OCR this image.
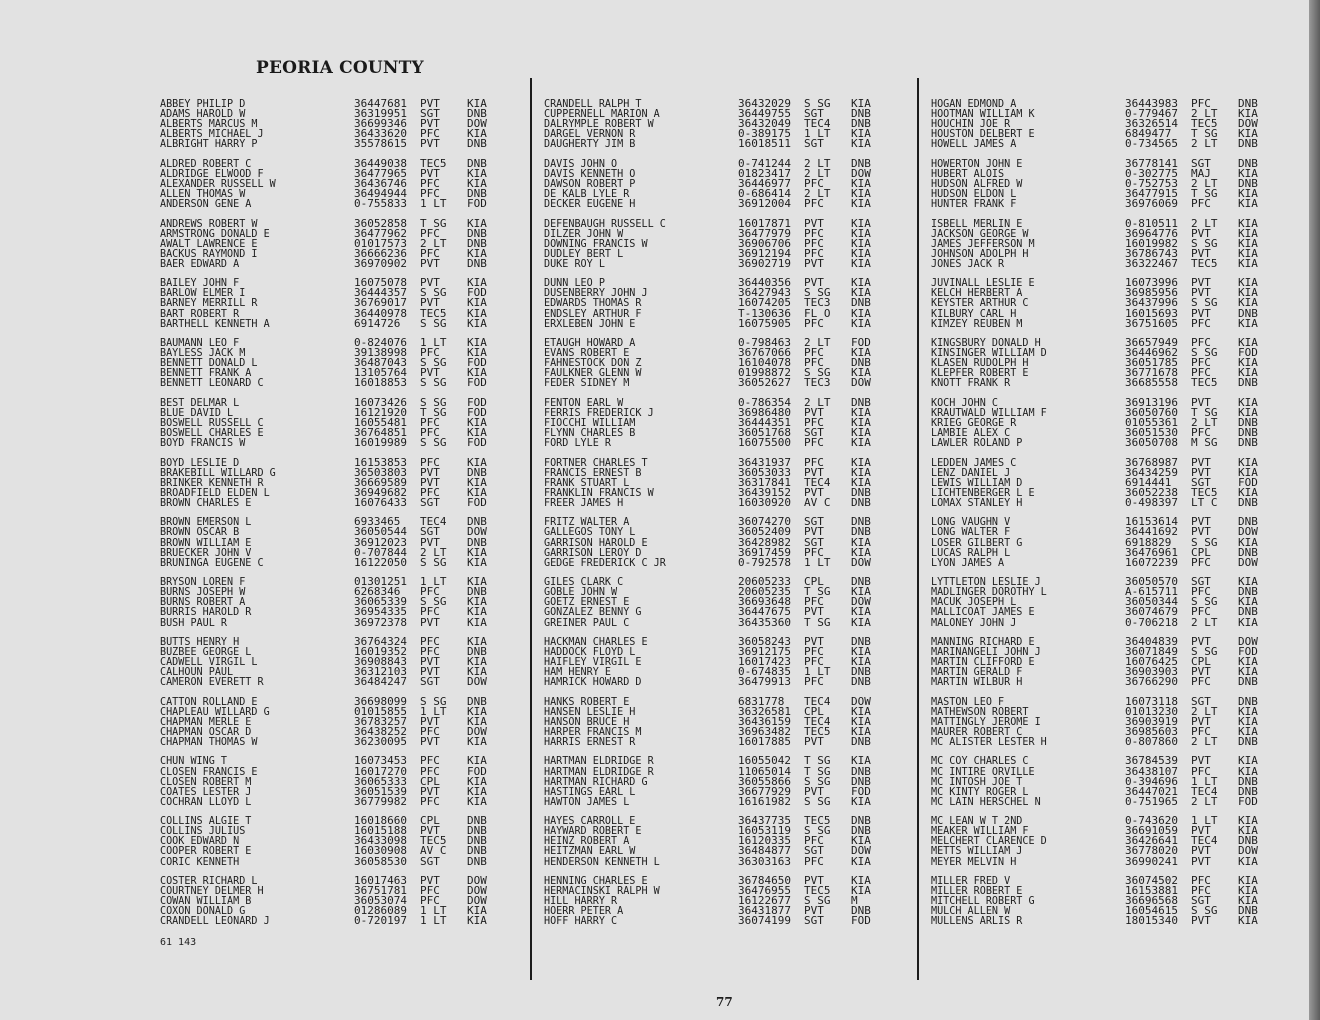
PEORIA COUNTY

ABBEY PHILIP D	36447681	PVT	KIA
ADAMS HAROLD W	36319951	SGT	DNB
ALBERTS MARCUS M	36699346	PVT	DOW
ALBERTS MICHAEL J	36433620	PFC	KIA
ALBRIGHT HARRY P	35578615	PVT	DNB
ALDRED ROBERT C	36449038	TEC5	DNB
ALDRIDGE ELWOOD F	36477965	PVT	KIA
ALEXANDER RUSSELL W	36436746	PFC	KIA
ALLEN THOMAS W	36494944	PFC	DNB
ANDERSON GENE A	0-755833	1 LT	FOD
ANDREWS ROBERT W	36052858	T SG	KIA
ARMSTRONG DONALD E	36477962	PFC	DNB
AWALT LAWRENCE E	01017573	2 LT	DNB
BACKUS RAYMOND I	36666236	PFC	KIA
BAER EDWARD A	36970902	PVT	DNB
BAILEY JOHN F	16075078	PVT	KIA
BARLOW ELMER I	36444357	S SG	FOD
BARNEY MERRILL R	36769017	PVT	KIA
BART ROBERT R	36440978	TEC5	KIA
BARTHELL KENNETH A	6914726	S SG	KIA
BAUMANN LEO F	0-824076	1 LT	KIA
BAYLESS JACK M	39138998	PFC	KIA
BENNETT DONALD L	36487043	S SG	FOD
BENNETT FRANK A	13105764	PVT	KIA
BENNETT LEONARD C	16018853	S SG	FOD
BEST DELMAR L	16073426	S SG	FOD
BLUE DAVID L	16121920	T SG	FOD
BOSWELL RUSSELL C	16055481	PFC	KIA
BOSWELL CHARLES E	36764851	PFC	KIA
BOYD FRANCIS W	16019989	S SG	FOD
BOYD LESLIE D	16153853	PFC	KIA
BRAKEBILL WILLARD G	36503803	PVT	DNB
BRINKER KENNETH R	36669589	PVT	KIA
BROADFIELD ELDEN L	36949682	PFC	KIA
BROWN CHARLES E	16076433	SGT	FOD
BROWN EMERSON L	6933465	TEC4	DNB
BROWN OSCAR B	36050544	SGT	DOW
BROWN WILLIAM E	36912023	PVT	DNB
BRUECKER JOHN V	0-707844	2 LT	KIA
BRUNINGA EUGENE C	16122050	S SG	KIA
BRYSON LOREN F	01301251	1 LT	KIA
BURNS JOSEPH W	6268346	PFC	DNB
BURNS ROBERT A	36065339	S SG	KIA
BURRIS HAROLD R	36954335	PFC	KIA
BUSH PAUL R	36972378	PVT	KIA
BUTTS HENRY H	36764324	PFC	KIA
BUZBEE GEORGE L	16019352	PFC	DNB
CADWELL VIRGIL L	36908843	PVT	KIA
CALHOUN PAUL	36312103	PVT	KIA
CAMERON EVERETT R	36484247	SGT	DOW
CATTON ROLLAND E	36698099	S SG	DNB
CHAPLEAU WILLARD G	01015855	1 LT	KIA
CHAPMAN MERLE E	36783257	PVT	KIA
CHAPMAN OSCAR D	36438252	PFC	DOW
CHAPMAN THOMAS W	36230095	PVT	KIA
CHUN WING T	16073453	PFC	KIA
CLOSEN FRANCIS E	16017270	PFC	FOD
CLOSEN ROBERT M	36065333	CPL	KIA
COATES LESTER J	36051539	PVT	KIA
COCHRAN LLOYD L	36779982	PFC	KIA
COLLINS ALGIE T	16018660	CPL	DNB
COLLINS JULIUS	16015188	PVT	DNB
COOK EDWARD N	36433098	TEC5	DNB
COOPER ROBERT E	16030908	AV C	DNB
CORIC KENNETH	36058530	SGT	DNB
COSTER RICHARD L	16017463	PVT	DOW
COURTNEY DELMER H	36751781	PFC	DOW
COWAN WILLIAM B	36053074	PFC	DOW
COXON DONALD G	01286089	1 LT	KIA
CRANDELL LEONARD J	0-720197	1 LT	KIA
CRANDELL RALPH T	36432029	S SG	KIA
CUPPERNELL MARION A	36449755	SGT	DNB
DALRYMPLE ROBERT W	36432049	TEC4	DNB
DARGEL VERNON R	0-389175	1 LT	KIA
DAUGHERTY JIM B	16018511	SGT	KIA
DAVIS JOHN O	0-741244	2 LT	DNB
DAVIS KENNETH O	01823417	2 LT	DOW
DAWSON ROBERT P	36446977	PFC	KIA
DE KALB LYLE R	0-686414	2 LT	KIA
DECKER EUGENE H	36912004	PFC	KIA
DEFENBAUGH RUSSELL C	16017871	PVT	KIA
DILZER JOHN W	36477979	PFC	KIA
DOWNING FRANCIS W	36906706	PFC	KIA
DUDLEY BERT L	36912194	PFC	KIA
DUKE ROY L	36902719	PVT	KIA
DUNN LEO P	36440356	PVT	KIA
DUSENBERRY JOHN J	36427943	S SG	KIA
EDWARDS THOMAS R	16074205	TEC3	DNB
ENDSLEY ARTHUR F	T-130636	FL O	KIA
ERXLEBEN JOHN E	16075905	PFC	KIA
ETAUGH HOWARD A	0-798463	2 LT	FOD
EVANS ROBERT E	36767066	PFC	KIA
FAHNESTOCK DON Z	16104078	PFC	DNB
FAULKNER GLENN W	01998872	S SG	KIA
FEDER SIDNEY M	36052627	TEC3	DOW
FENTON EARL W	0-786354	2 LT	DNB
FERRIS FREDERICK J	36986480	PVT	KIA
FIOCCHI WILLIAM	36444351	PFC	KIA
FLYNN CHARLES B	36051768	SGT	KIA
FORD LYLE R	16075500	PFC	KIA
FORTNER CHARLES T	36431937	PFC	KIA
FRANCIS ERNEST B	36053033	PVT	KIA
FRANK STUART L	36317841	TEC4	KIA
FRANKLIN FRANCIS W	36439152	PVT	DNB
FREER JAMES H	16030920	AV C	DNB
FRITZ WALTER A	36074270	SGT	DNB
GALLEGOS TONY L	36052409	PVT	DNB
GARRISON HAROLD E	36428982	SGT	KIA
GARRISON LEROY D	36917459	PFC	KIA
GEDGE FREDERICK C JR	0-792578	1 LT	DOW
GILES CLARK C	20605233	CPL	DNB
GOBLE JOHN W	20605235	T SG	KIA
GOETZ ERNEST E	36693648	PFC	DOW
GONZALEZ BENNY G	36447675	PVT	KIA
GREINER PAUL C	36435360	T SG	KIA
HACKMAN CHARLES E	36058243	PVT	DNB
HADDOCK FLOYD L	36912175	PFC	KIA
HAIFLEY VIRGIL E	16017423	PFC	KIA
HAM HENRY E	0-674835	1 LT	DNB
HAMRICK HOWARD D	36479913	PFC	DNB
HANKS ROBERT E	6831778	TEC4	DOW
HANSEN LESLIE H	36326581	CPL	KIA
HANSON BRUCE H	36436159	TEC4	KIA
HARPER FRANCIS M	36963482	TEC5	KIA
HARRIS ERNEST R	16017885	PVT	DNB
HARTMAN ELDRIDGE R	16055042	T SG	KIA
HARTMAN ELDRIDGE R	11065014	T SG	DNB
HARTMAN RICHARD G	36055866	S SG	DNB
HASTINGS EARL L	36677929	PVT	FOD
HAWTON JAMES L	16161982	S SG	KIA
HAYES CARROLL E	36437735	TEC5	DNB
HAYWARD ROBERT E	16053119	S SG	DNB
HEINZ ROBERT A	16120335	PFC	KIA
HEITZMAN EARL W	36484877	SGT	DOW
HENDERSON KENNETH L	36303163	PFC	KIA
HENNING CHARLES E	36784650	PVT	KIA
HERMACINSKI RALPH W	36476955	TEC5	KIA
HILL HARRY R	16122677	S SG	M
HOERR PETER A	36431877	PVT	DNB
HOFF HARRY C	36074199	SGT	FOD
HOGAN EDMOND A	36443983	PFC	DNB
HOOTMAN WILLIAM K	0-779467	2 LT	KIA
HOUCHIN JOE R	36326514	TEC5	DOW
HOUSTON DELBERT E	6849477	T SG	KIA
HOWELL JAMES A	0-734565	2 LT	DNB
HOWERTON JOHN E	36778141	SGT	DNB
HUBERT ALOIS	0-302775	MAJ	KIA
HUDSON ALFRED W	0-752753	2 LT	DNB
HUDSON ELDON L	36477915	T SG	KIA
HUNTER FRANK F	36976069	PFC	KIA
ISBELL MERLIN E	0-810511	2 LT	KIA
JACKSON GEORGE W	36964776	PVT	KIA
JAMES JEFFERSON M	16019982	S SG	KIA
JOHNSON ADOLPH H	36786743	PVT	KIA
JONES JACK R	36322467	TEC5	KIA
JUVINALL LESLIE E	16073996	PVT	KIA
KELCH HERBERT A	36985956	PVT	KIA
KEYSTER ARTHUR C	36437996	S SG	KIA
KILBURY CARL H	16015693	PVT	DNB
KIMZEY REUBEN M	36751605	PFC	KIA
KINGSBURY DONALD H	36657949	PFC	KIA
KINSINGER WILLIAM D	36446962	S SG	FOD
KLASEN RUDOLPH H	36051785	PFC	KIA
KLEPFER ROBERT E	36771678	PFC	KIA
KNOTT FRANK R	36685558	TEC5	DNB
KOCH JOHN C	36913196	PVT	KIA
KRAUTWALD WILLIAM F	36050760	T SG	KIA
KRIEG GEORGE R	01055361	2 LT	DNB
LAMBIE ALEX C	36051530	PFC	DNB
LAWLER ROLAND P	36050708	M SG	DNB
LEDDEN JAMES C	36768987	PVT	KIA
LENZ DANIEL J	36434259	PVT	KIA
LEWIS WILLIAM D	6914441	SGT	FOD
LICHTENBERGER L E	36052238	TEC5	KIA
LOMAX STANLEY H	0-498397	LT C	DNB
LONG VAUGHN V	16153614	PVT	DNB
LONG WALTER F	36441692	PVT	DOW
LOSER GILBERT G	6918829	S SG	KIA
LUCAS RALPH L	36476961	CPL	DNB
LYON JAMES A	16072239	PFC	DOW
LYTTLETON LESLIE J	36050570	SGT	KIA
MADLINGER DOROTHY L	A-615711	PFC	DNB
MACUK JOSEPH L	36050344	S SG	KIA
MALLICOAT JAMES E	36074679	PFC	DNB
MALONEY JOHN J	0-706218	2 LT	KIA
MANNING RICHARD E	36404839	PVT	DOW
MARINANGELI JOHN J	36071849	S SG	FOD
MARTIN CLIFFORD E	16076425	CPL	KIA
MARTIN GERALD F	36903903	PVT	KIA
MARTIN WILBUR H	36766290	PFC	DNB
MASTON LEO F	16073118	SGT	DNB
MATHEWSON ROBERT	01013230	2 LT	KIA
MATTINGLY JEROME I	36903919	PVT	KIA
MAURER ROBERT C	36985603	PFC	KIA
MC ALISTER LESTER H	0-807860	2 LT	DNB
MC COY CHARLES C	36784539	PVT	KIA
MC INTIRE ORVILLE	36438107	PFC	KIA
MC INTOSH JOE T	0-394696	1 LT	DNB
MC KINTY ROGER L	36447021	TEC4	DNB
MC LAIN HERSCHEL N	0-751965	2 LT	FOD
MC LEAN W T 2ND	0-743620	1 LT	KIA
MEAKER WILLIAM F	36691059	PVT	KIA
MELCHERT CLARENCE D	36426641	TEC4	DNB
METTS WILLIAM J	36778020	PVT	DOW
MEYER MELVIN H	36990241	PVT	KIA
MILLER FRED V	36074502	PFC	KIA
MILLER ROBERT E	16153881	PFC	KIA
MITCHELL ROBERT G	36696568	SGT	KIA
MULCH ALLEN W	16054615	S SG	DNB
MULLENS ARLIS R	18015340	PVT	KIA
61 143
77
